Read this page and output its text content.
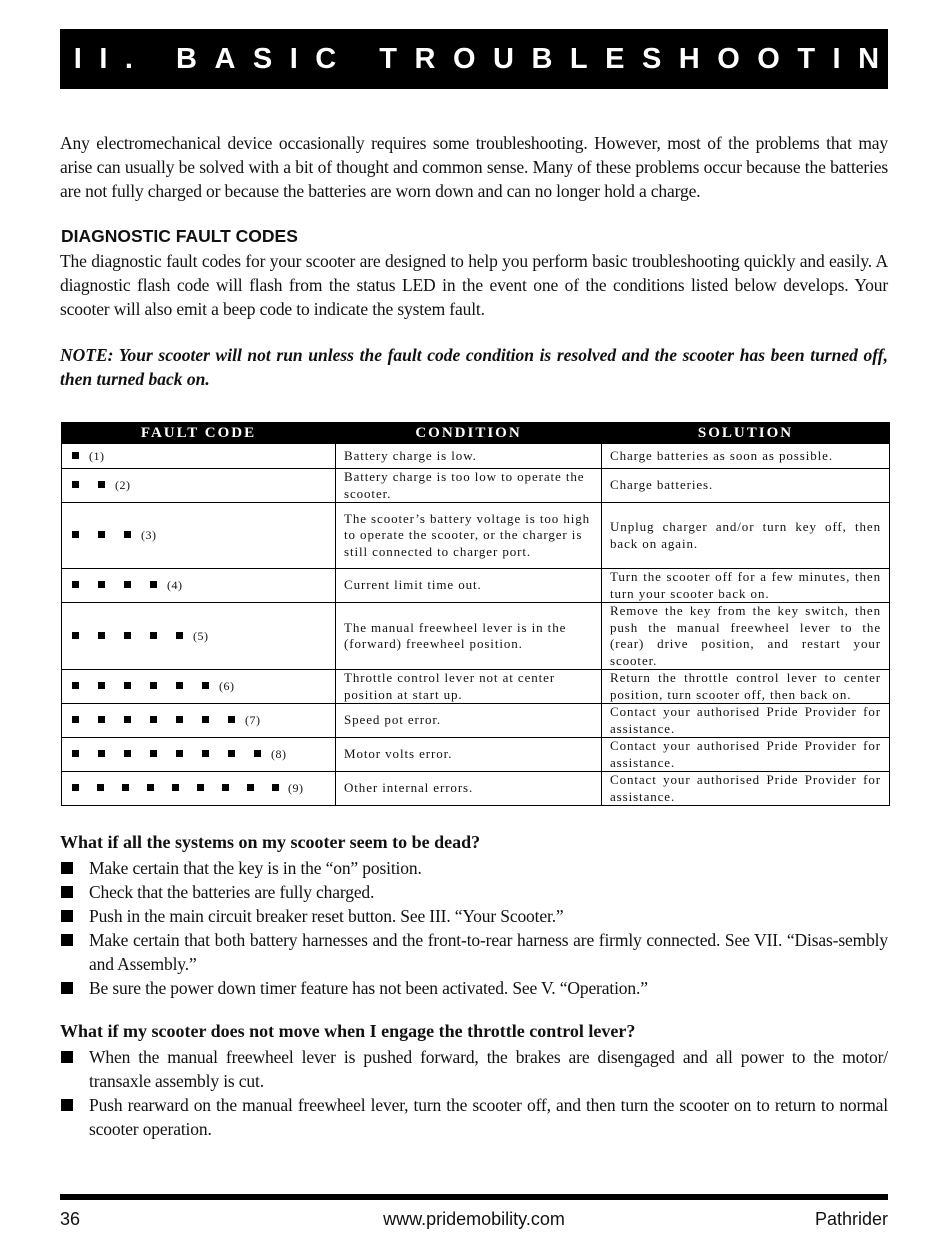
VIII. BASIC TROUBLESHOOTING

Any electromechanical device occasionally requires some troubleshooting. However, most of the problems that may arise can usually be solved with a bit of thought and common sense. Many of these problems occur because the batteries are not fully charged or because the batteries are worn down and can no longer hold a charge.

DIAGNOSTIC FAULT CODES

The diagnostic fault codes for your scooter are designed to help you perform basic troubleshooting quickly and easily. A diagnostic flash code will flash from the status LED in the event one of the conditions listed below develops. Your scooter will also emit a beep code to indicate the system fault.

NOTE: Your scooter will not run unless the fault code condition is resolved and the scooter has been turned off, then turned back on.

FAULT CODE	CONDITION	SOLUTION
(1)	Battery charge is low.	Charge batteries as soon as possible.
(2)	Battery charge is too low to operate the scooter.	Charge batteries.
(3)	The scooter’s battery voltage is too high to operate the scooter, or the charger is still connected to charger port.	Unplug charger and/or turn key off, then back on again.
(4)	Current limit time out.	Turn the scooter off for a few minutes, then turn your scooter back on.
(5)	The manual freewheel lever is in the (forward) freewheel position.	Remove the key from the key switch, then push the manual freewheel lever to the (rear) drive position, and restart your scooter.
(6)	Throttle control lever not at center position at start up.	Return the throttle control lever to center position, turn scooter off, then back on.
(7)	Speed pot error.	Contact your authorised Pride Provider for assistance.
(8)	Motor volts error.	Contact your authorised Pride Provider for assistance.
(9)	Other internal errors.	Contact your authorised Pride Provider for assistance.
What if all the systems on my scooter seem to be dead?
Make certain that the key is in the “on” position.
Check that the batteries are fully charged.
Push in the main circuit breaker reset button. See III. “Your Scooter.”
Make certain that both battery harnesses and the front-to-rear harness are firmly connected. See VII. “Disas-sembly and Assembly.”
Be sure the power down timer feature has not been activated. See V. “Operation.”
What if my scooter does not move when I engage the throttle control lever?
When the manual freewheel lever is pushed forward, the brakes are disengaged and all power to the motor/ transaxle assembly is cut.
Push rearward on the manual freewheel lever, turn the scooter off, and then turn the scooter on to return to normal scooter operation.
36	www.pridemobility.com	Pathrider
